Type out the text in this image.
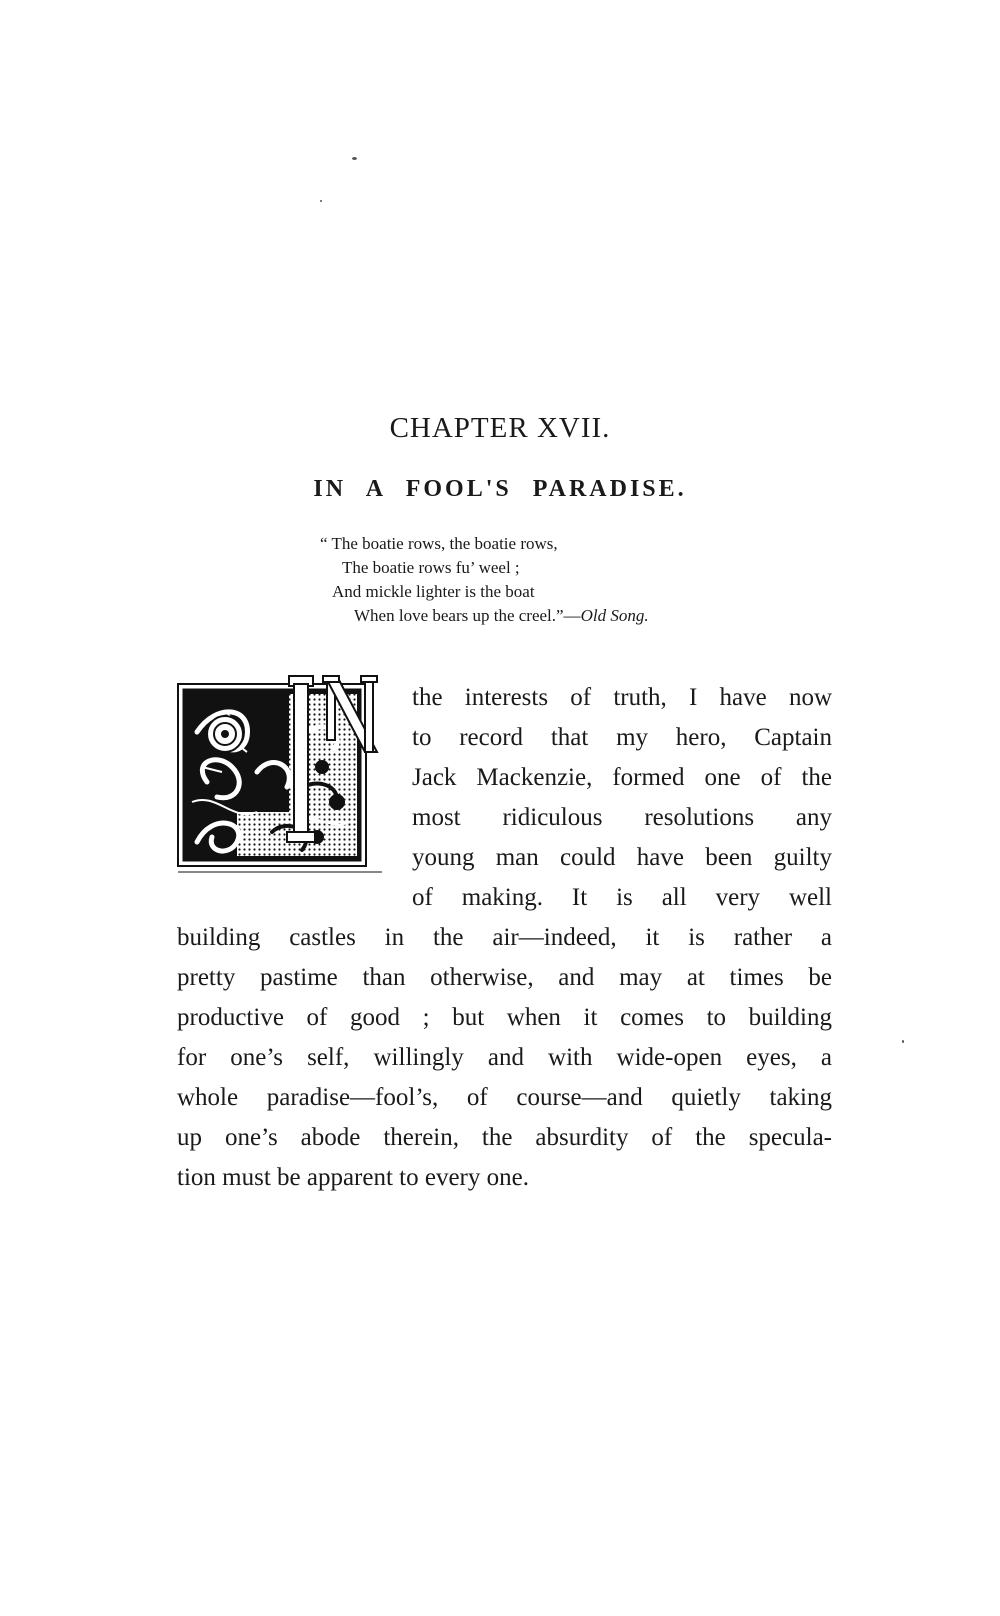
CHAPTER XVII.
IN A FOOL'S PARADISE.
“ The boatie rows, the boatie rows,
The boatie rows fu’ weel ;
And mickle lighter is the boat
When love bears up the creel.”—Old Song.
the interests of truth, I have now
to record that my hero, Captain
Jack Mackenzie, formed one of the
most ridiculous resolutions any
young man could have been guilty
of making. It is all very well
building castles in the air—indeed, it is rather a
pretty pastime than otherwise, and may at times be
productive of good ; but when it comes to building
for one’s self, willingly and with wide-open eyes, a
whole paradise—fool’s, of course—and quietly taking
up one’s abode therein, the absurdity of the specula-
tion must be apparent to every one.
